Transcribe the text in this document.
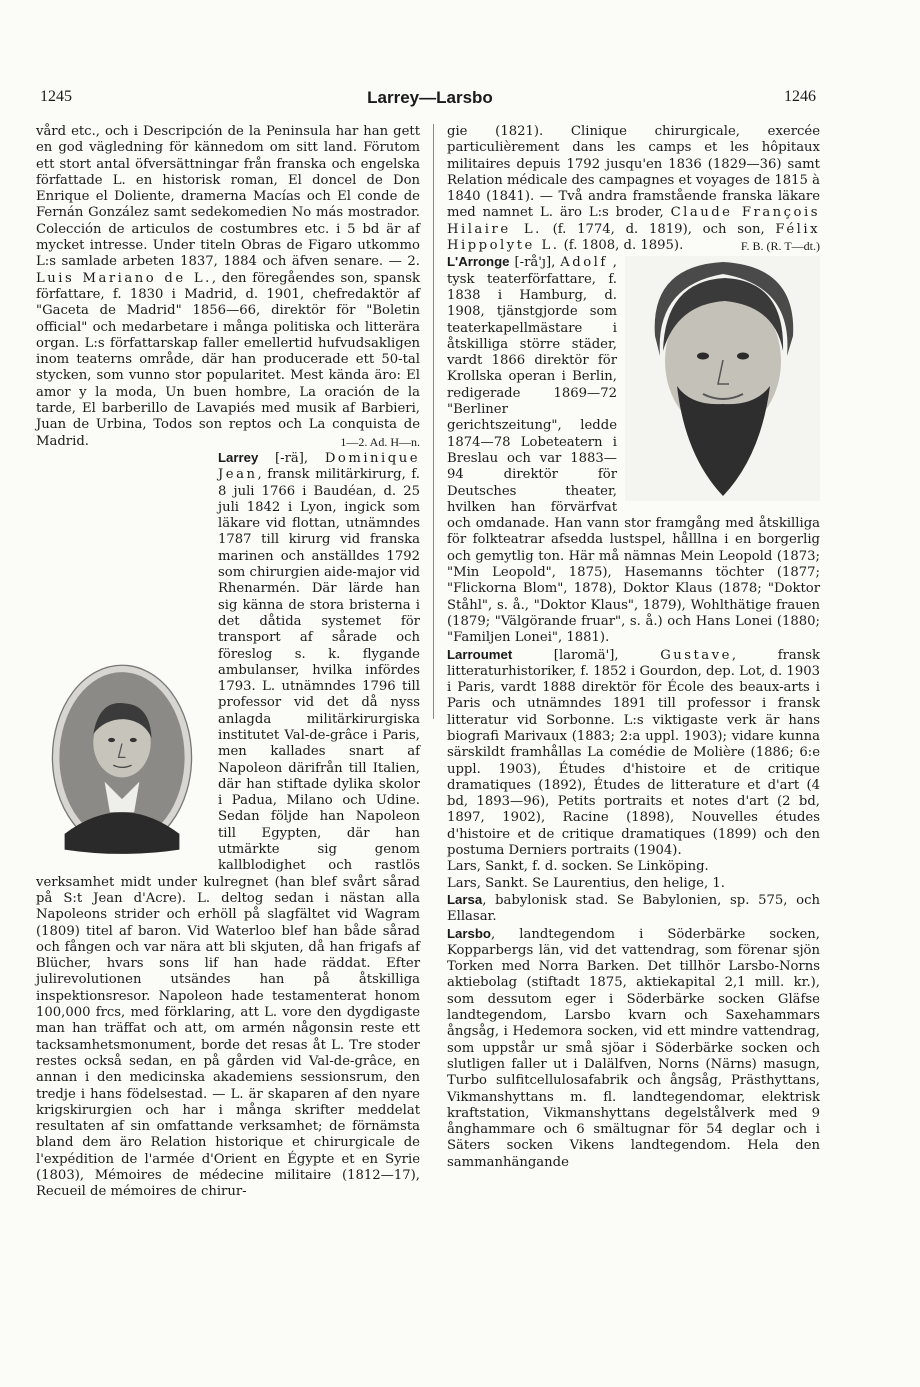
1245	Larrey—Larsbo	1246

vård etc., och i Descripción de la Peninsula har han gett en god vägledning för kännedom om sitt land. Förutom ett stort antal öfversättningar från franska och engelska författade L. en historisk roman, El doncel de Don Enrique el Doliente, dramerna Macías och El conde de Fernán González samt sedekomedien No más mostrador. Colección de articulos de costumbres etc. i 5 bd är af mycket intresse. Under titeln Obras de Figaro utkommo L:s samlade arbeten 1837, 1884 och äfven senare. — 2. Luis Mariano de L., den föregåendes son, spansk författare, f. 1830 i Madrid, d. 1901, chefredaktör af "Gaceta de Madrid" 1856—66, direktör för "Boletin official" och medarbetare i många politiska och litterära organ. L:s författarskap faller emellertid hufvudsakligen inom teaterns område, där han producerade ett 50-tal stycken, som vunno stor popularitet. Mest kända äro: El amor y la moda, Un buen hombre, La oración de la tarde, El barberillo de Lavapiés med musik af Barbieri, Juan de Urbina, Todos son reptos och La conquista de Madrid.	1—2. Ad. H—n.

Larrey [-rä], Dominique Jean, fransk militärkirurg, f. 8 juli 1766 i Baudéan, d. 25 juli 1842 i Lyon, ingick som läkare vid flottan, utnämndes 1787 till kirurg vid franska marinen och anställdes 1792 som chirurgien aide-major vid Rhenarmén. Där lärde han sig känna de stora bristerna i det dåtida systemet för transport af sårade och föreslog s. k. flygande ambulanser, hvilka infördes 1793. L. utnämndes 1796 till professor vid det då nyss anlagda militärkirurgiska institutet Val-de-grâce i Paris, men kallades snart af Napoleon därifrån till Italien, där han stiftade dylika skolor i Padua, Milano och Udine. Sedan följde han Napoleon till Egypten, där han utmärkte sig genom kallblodighet och rastlös verksamhet midt under kulregnet (han blef svårt sårad på S:t Jean d'Acre). L. deltog sedan i nästan alla Napoleons strider och erhöll på slagfältet vid Wagram (1809) titel af baron. Vid Waterloo blef han både sårad och fången och var nära att bli skjuten, då han frigafs af Blücher, hvars sons lif han hade räddat. Efter julirevolutionen utsändes han på åtskilliga inspektionsresor. Napoleon hade testamenterat honom 100,000 frcs, med förklaring, att L. vore den dygdigaste man han träffat och att, om armén någonsin reste ett tacksamhetsmonument, borde det resas åt L. Tre stoder restes också sedan, en på gården vid Val-de-grâce, en annan i den medicinska akademiens sessionsrum, den tredje i hans födelsestad. — L. är skaparen af den nyare krigskirurgien och har i många skrifter meddelat resultaten af sin omfattande verksamhet; de förnämsta bland dem äro Relation historique et chirurgicale de l'expédition de l'armée d'Orient en Égypte et en Syrie (1803), Mémoires de médecine militaire (1812—17), Recueil de mémoires de chirur-

gie (1821). Clinique chirurgicale, exercée particulièrement dans les camps et les hôpitaux militaires depuis 1792 jusqu'en 1836 (1829—36) samt Relation médicale des campagnes et voyages de 1815 à 1840 (1841). — Två andra framstående franska läkare med namnet L. äro L:s broder, Claude François Hilaire L. (f. 1774, d. 1819), och son, Félix Hippolyte L. (f. 1808, d. 1895).	F. B. (R. T—dt.)

L'Arronge [-rå'ȷ], Adolf , tysk teaterförfattare, f. 1838 i Hamburg, d. 1908, tjänstgjorde som teaterkapellmästare i åtskilliga större städer, vardt 1866 direktör för Krollska operan i Berlin, redigerade 1869—72 "Berliner gerichtszeitung", ledde 1874—78 Lobeteatern i Breslau och var 1883—94 direktör för Deutsches theater, hvilken han förvärfvat och omdanade. Han vann stor framgång med åtskilliga för folkteatrar afsedda lustspel, hålllna i en borgerlig och gemytlig ton. Här må nämnas Mein Leopold (1873; "Min Leopold", 1875), Hasemanns töchter (1877; "Flickorna Blom", 1878), Doktor Klaus (1878; "Doktor Ståhl", s. å., "Doktor Klaus", 1879), Wohlthätige frauen (1879; "Välgörande fruar", s. å.) och Hans Lonei (1880; "Familjen Lonei", 1881).

Larroumet [laromä'], Gustave, fransk litteraturhistoriker, f. 1852 i Gourdon, dep. Lot, d. 1903 i Paris, vardt 1888 direktör för École des beaux-arts i Paris och utnämndes 1891 till professor i fransk litteratur vid Sorbonne. L:s viktigaste verk är hans biografi Marivaux (1883; 2:a uppl. 1903); vidare kunna särskildt framhållas La comédie de Molière (1886; 6:e uppl. 1903), Études d'histoire et de critique dramatiques (1892), Études de litterature et d'art (4 bd, 1893—96), Petits portraits et notes d'art (2 bd, 1897, 1902), Racine (1898), Nouvelles études d'histoire et de critique dramatiques (1899) och den postuma Derniers portraits (1904).

Lars, Sankt, f. d. socken. Se Linköping.

Lars, Sankt. Se Laurentius, den helige, 1.

Larsa, babylonisk stad. Se Babylonien, sp. 575, och Ellasar.

Larsbo, landtegendom i Söderbärke socken, Kopparbergs län, vid det vattendrag, som förenar sjön Torken med Norra Barken. Det tillhör Larsbo-Norns aktiebolag (stiftadt 1875, aktiekapital 2,1 mill. kr.), som dessutom eger i Söderbärke socken Gläfse landtegendom, Larsbo kvarn och Saxehammars ångsåg, i Hedemora socken, vid ett mindre vattendrag, som uppstår ur små sjöar i Söderbärke socken och slutligen faller ut i Dalälfven, Norns (Närns) masugn, Turbo sulfitcellulosafabrik och ångsåg, Prästhyttans, Vikmanshyttans m. fl. landtegendomar, elektrisk kraftstation, Vikmanshyttans degelstålverk med 9 ånghammare och 6 smältugnar för 54 deglar och i Säters socken Vikens landtegendom. Hela den sammanhängande
